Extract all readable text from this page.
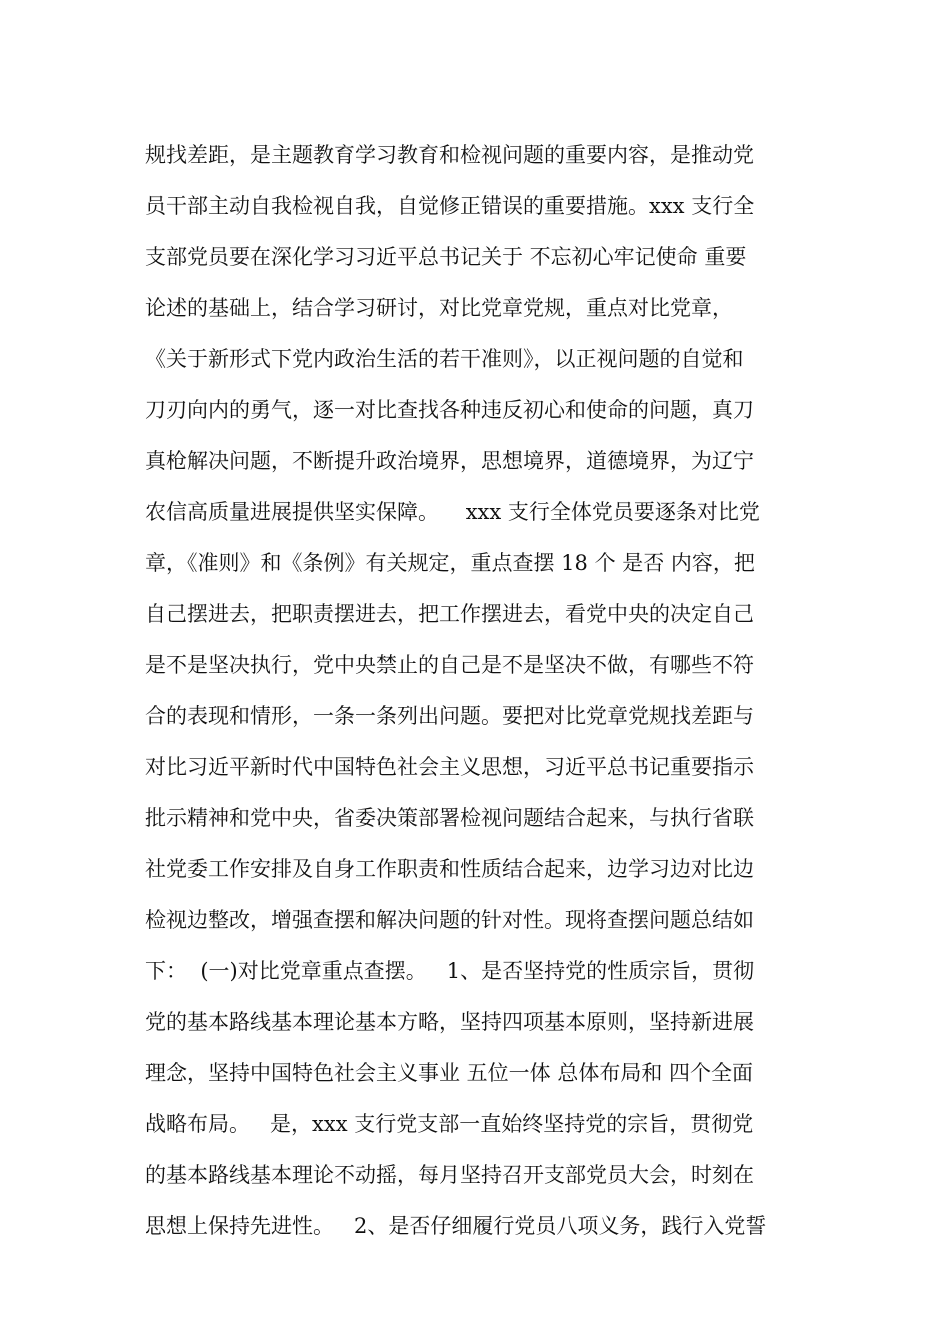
规找差距，是主题教育学习教育和检视问题的重要内容，是推动党
员干部主动自我检视自我，自觉修正错误的重要措施。xxx 支行全
支部党员要在深化学习习近平总书记关于 不忘初心牢记使命 重要
论述的基础上，结合学习研讨，对比党章党规，重点对比党章，
《关于新形式下党内政治生活的若干准则》，以正视问题的自觉和
刀刃向内的勇气，逐一对比查找各种违反初心和使命的问题，真刀
真枪解决问题，不断提升政治境界，思想境界，道德境界，为辽宁
农信高质量进展提供坚实保障。    xxx 支行全体党员要逐条对比党
章，《准则》和《条例》有关规定，重点查摆 18 个 是否 内容，把
自己摆进去，把职责摆进去，把工作摆进去，看党中央的决定自己
是不是坚决执行，党中央禁止的自己是不是坚决不做，有哪些不符
合的表现和情形，一条一条列出问题。要把对比党章党规找差距与
对比习近平新时代中国特色社会主义思想，习近平总书记重要指示
批示精神和党中央，省委决策部署检视问题结合起来，与执行省联
社党委工作安排及自身工作职责和性质结合起来，边学习边对比边
检视边整改，增强查摆和解决问题的针对性。现将查摆问题总结如
下：  (一)对比党章重点查摆。   1、是否坚持党的性质宗旨，贯彻
党的基本路线基本理论基本方略，坚持四项基本原则，坚持新进展
理念，坚持中国特色社会主义事业 五位一体 总体布局和 四个全面
战略布局。   是，xxx 支行党支部一直始终坚持党的宗旨，贯彻党
的基本路线基本理论不动摇，每月坚持召开支部党员大会，时刻在
思想上保持先进性。   2、是否仔细履行党员八项义务，践行入党誓
